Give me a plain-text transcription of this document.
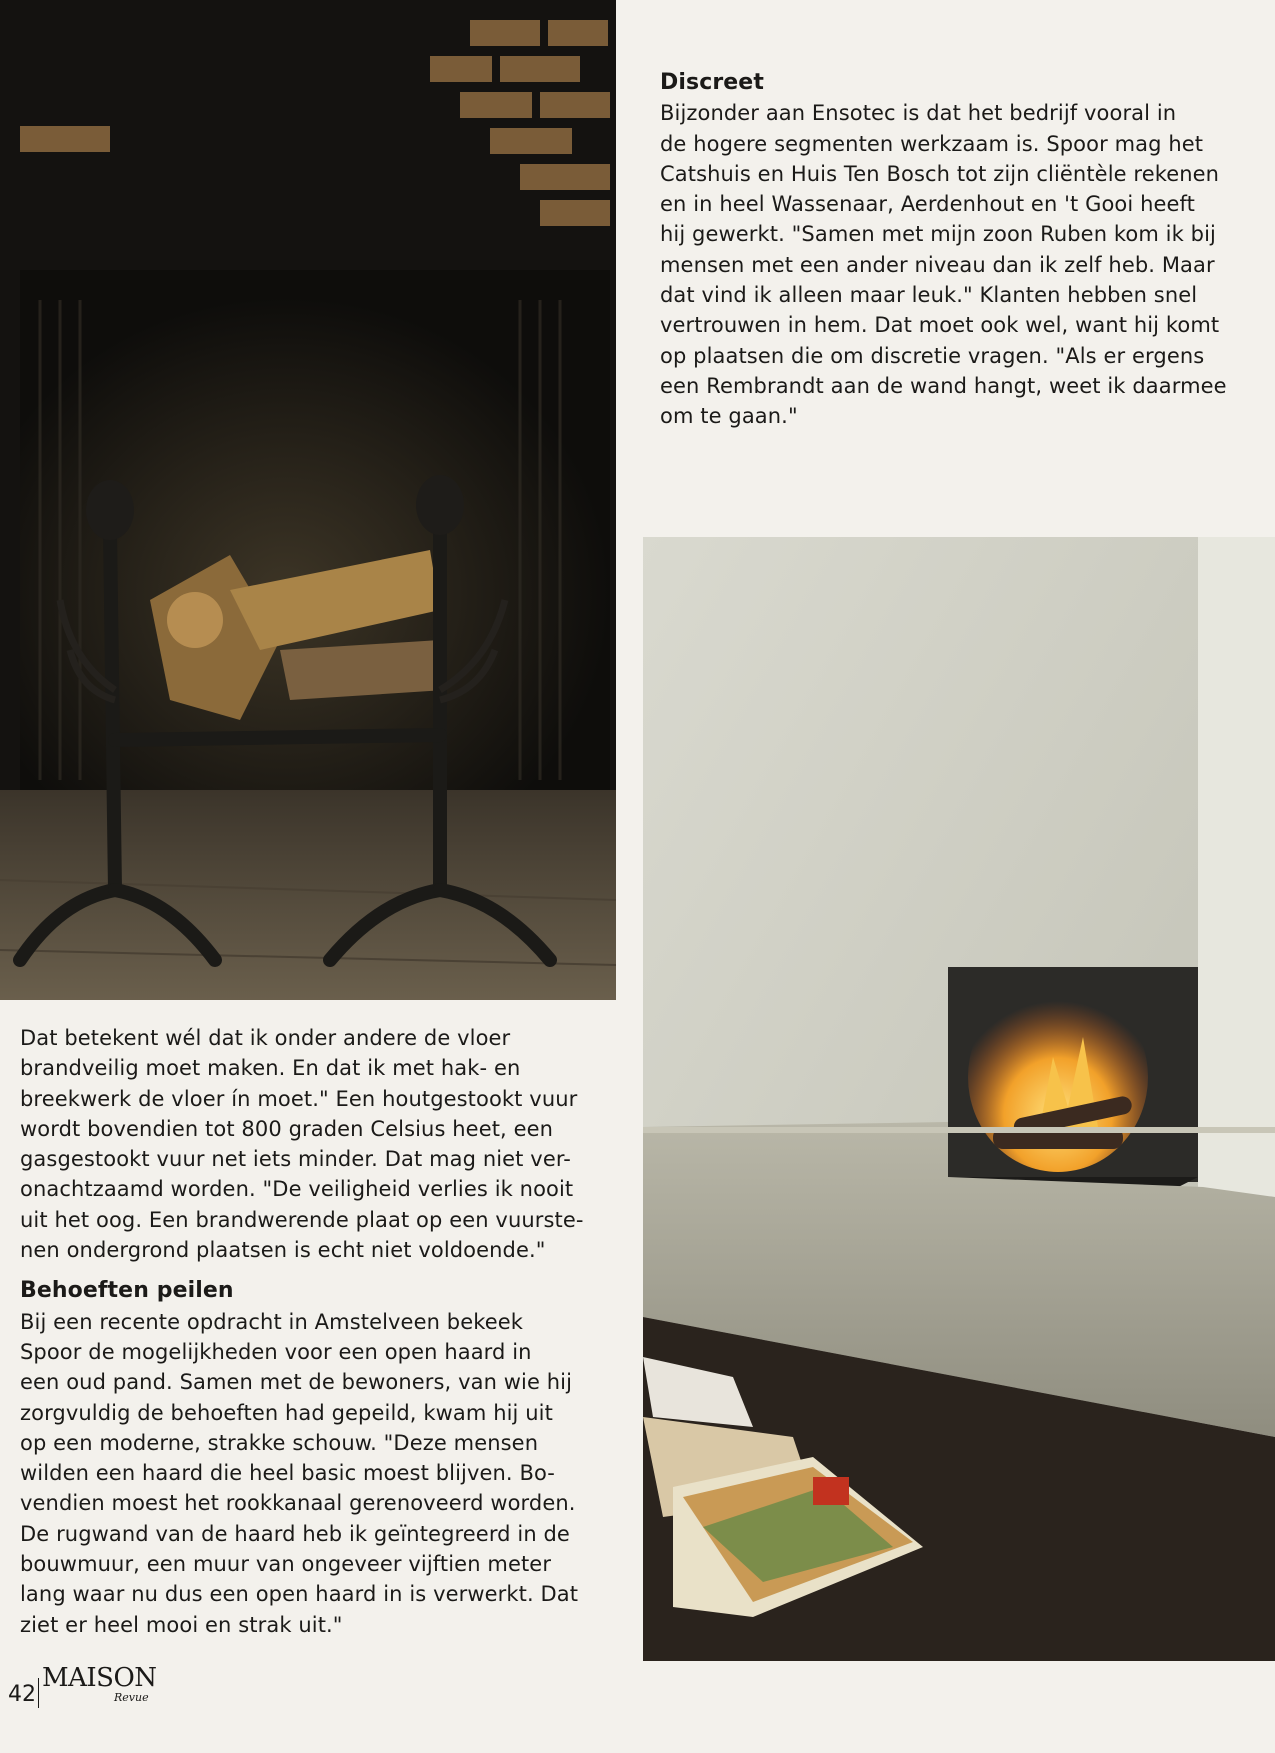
Discreet

Bijzonder aan Ensotec is dat het bedrijf vooral in
de hogere segmenten werkzaam is. Spoor mag het
Catshuis en Huis Ten Bosch tot zijn cliëntèle rekenen
en in heel Wassenaar, Aerdenhout en 't Gooi heeft
hij gewerkt. "Samen met mijn zoon Ruben kom ik bij
mensen met een ander niveau dan ik zelf heb. Maar
dat vind ik alleen maar leuk." Klanten hebben snel
vertrouwen in hem. Dat moet ook wel, want hij komt
op plaatsen die om discretie vragen. "Als er ergens
een Rembrandt aan de wand hangt, weet ik daarmee
om te gaan."

Dat betekent wél dat ik onder andere de vloer
brandveilig moet maken. En dat ik met hak- en
breekwerk de vloer ín moet." Een houtgestookt vuur
wordt bovendien tot 800 graden Celsius heet, een
gasgestookt vuur net iets minder. Dat mag niet ver-
onachtzaamd worden. "De veiligheid verlies ik nooit
uit het oog. Een brandwerende plaat op een vuurste-
nen ondergrond plaatsen is echt niet voldoende."

Behoeften peilen

Bij een recente opdracht in Amstelveen bekeek
Spoor de mogelijkheden voor een open haard in
een oud pand. Samen met de bewoners, van wie hij
zorgvuldig de behoeften had gepeild, kwam hij uit
op een moderne, strakke schouw. "Deze mensen
wilden een haard die heel basic moest blijven. Bo-
vendien moest het rookkanaal gerenoveerd worden.
De rugwand van de haard heb ik geïntegreerd in de
bouwmuur, een muur van ongeveer vijftien meter
lang waar nu dus een open haard in is verwerkt. Dat
ziet er heel mooi en strak uit."

42
MAISON
Revue
